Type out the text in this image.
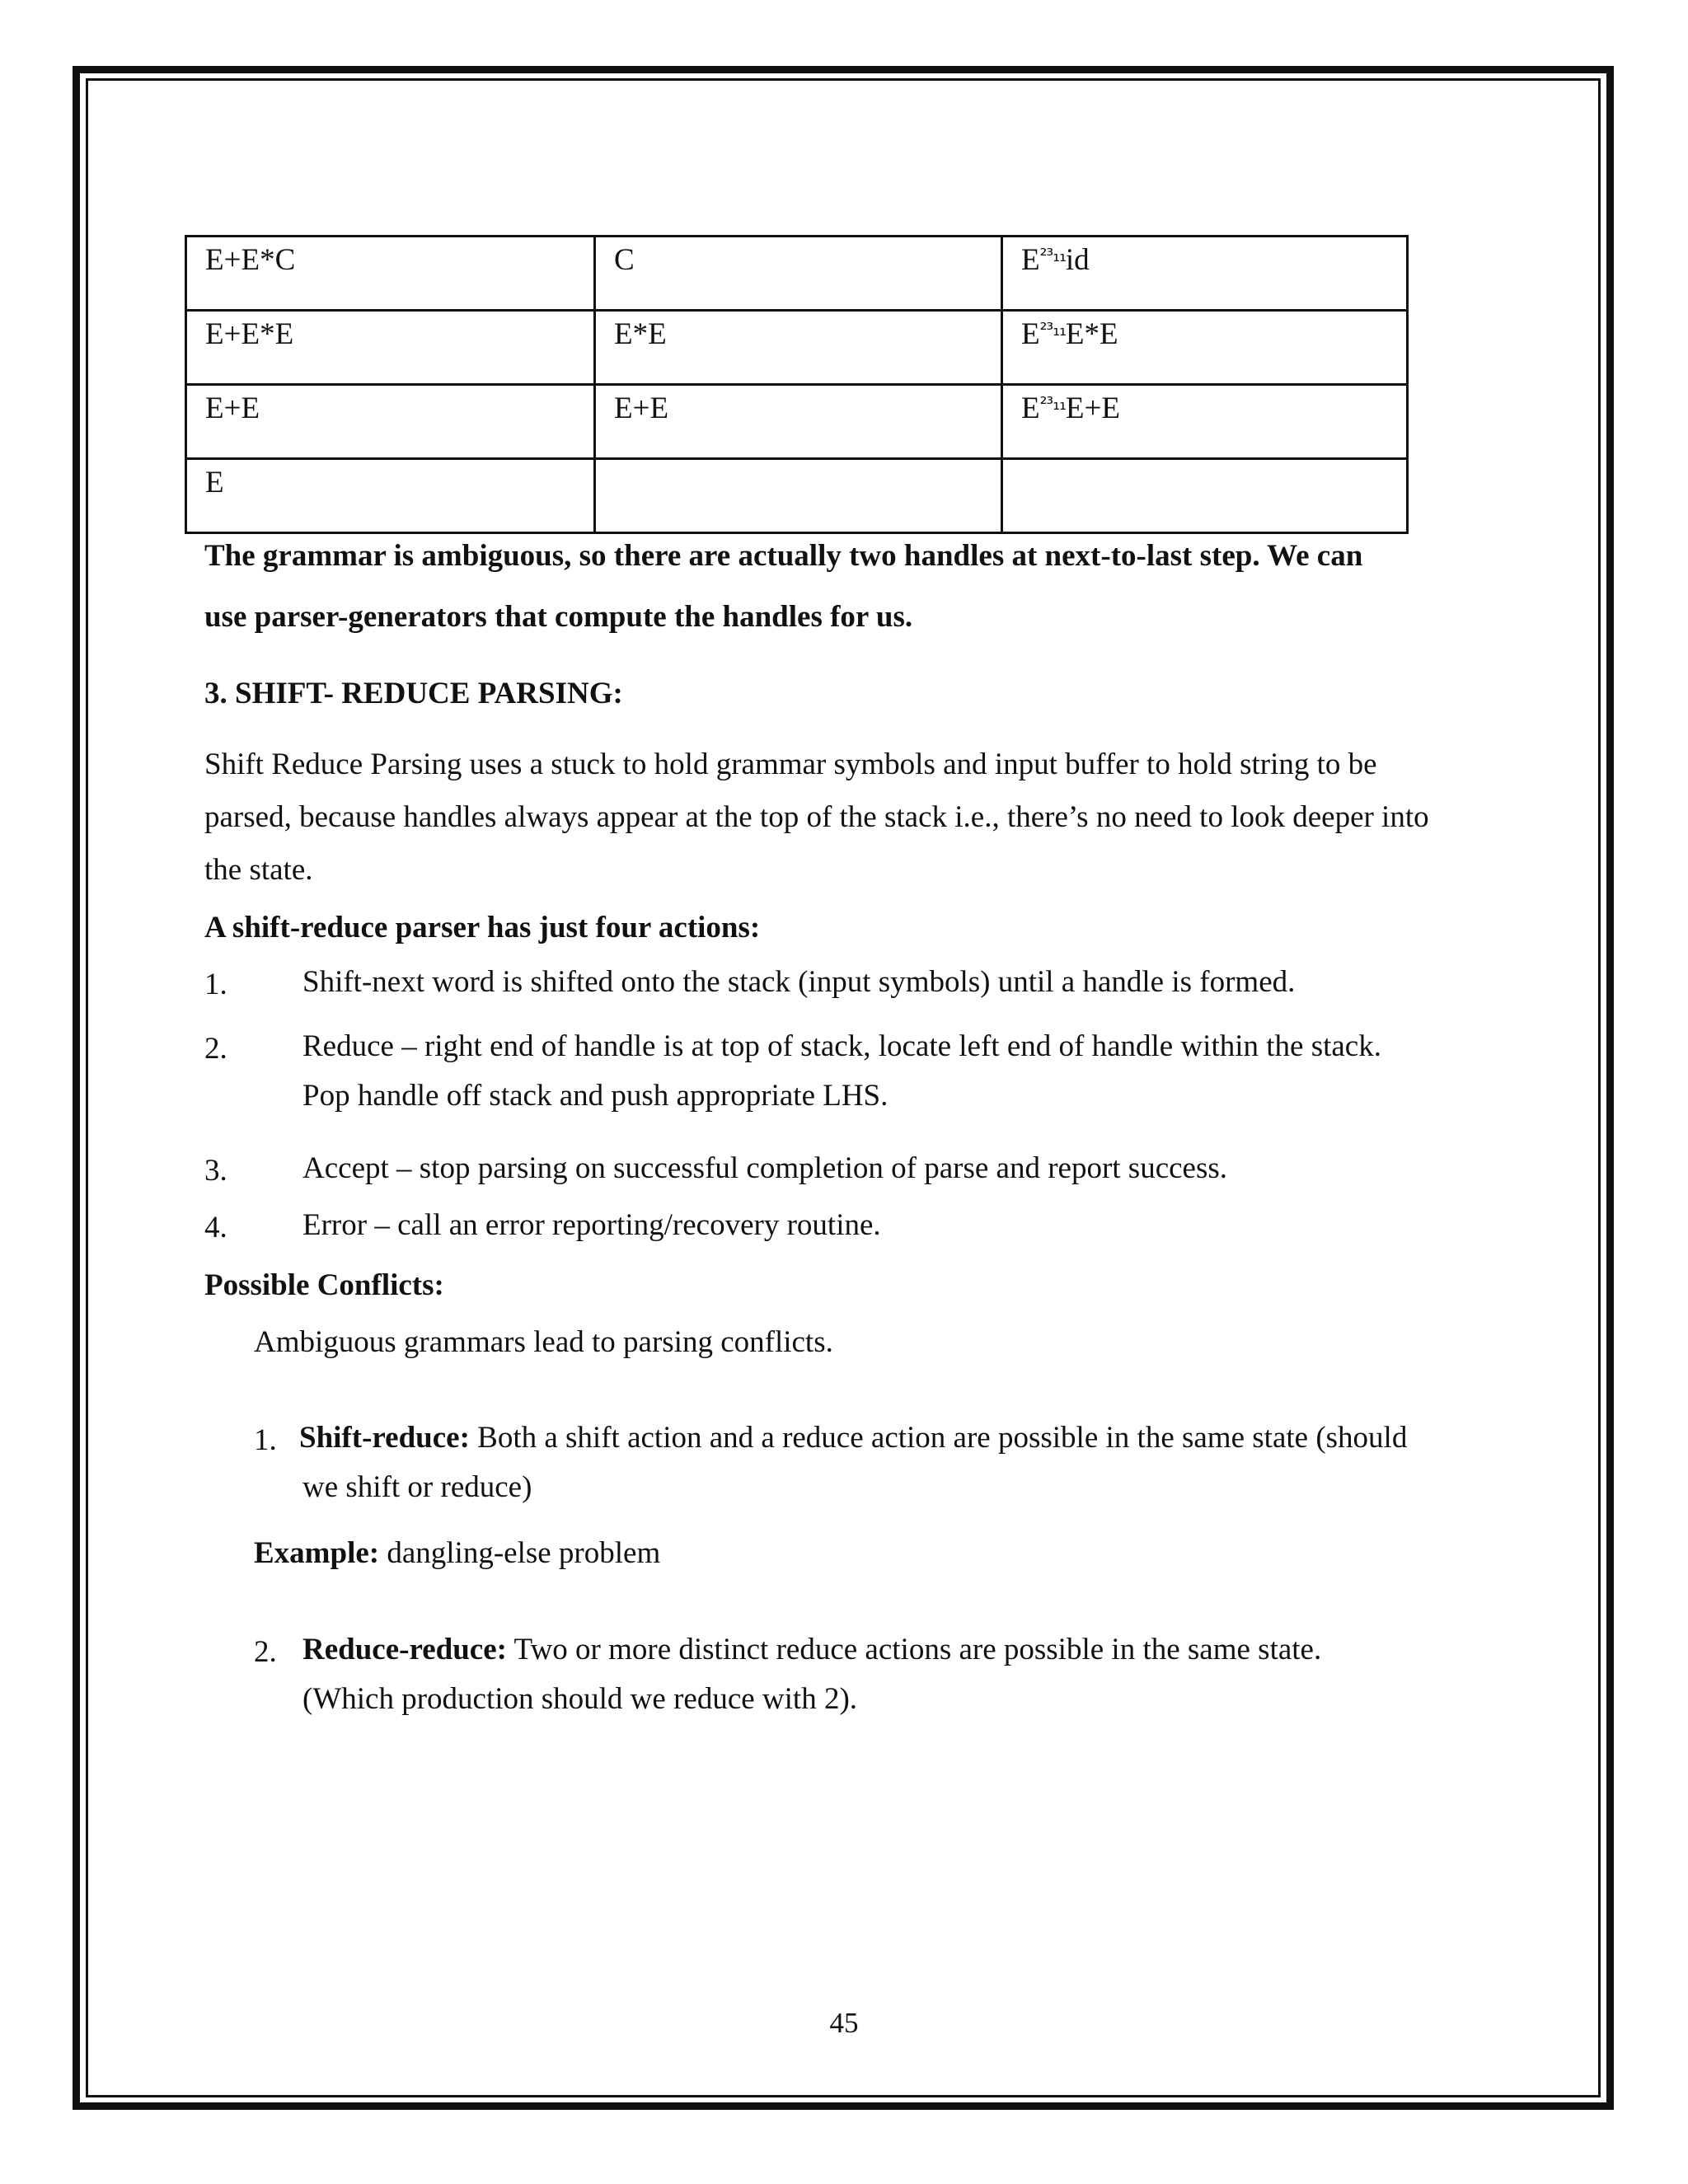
E+E*C	C	$E^{^{23}_{11}}id$
E+E*E	E*E	$E^{^{23}_{11}}E*E$
E+E	E+E	$E^{^{23}_{11}}E+E$
E		

The grammar is ambiguous, so there are actually two handles at next-to-last step. We can

use parser-generators that compute the handles for us.

3. SHIFT- REDUCE PARSING:

Shift Reduce Parsing uses a stuck to hold grammar symbols and input buffer to hold string to be

parsed, because handles always appear at the top of the stack i.e., there’s no need to look deeper into

the state.

A shift-reduce parser has just four actions:

1. Shift-next word is shifted onto the stack (input symbols) until a handle is formed.
2. Reduce – right end of handle is at top of stack, locate left end of handle within the stack.
Pop handle off stack and push appropriate LHS.
3. Accept – stop parsing on successful completion of parse and report success.
4. Error – call an error reporting/recovery routine.

Possible Conflicts:

Ambiguous grammars lead to parsing conflicts.

1. Shift-reduce: Both a shift action and a reduce action are possible in the same state (should
we shift or reduce)
Example: dangling-else problem
2. Reduce-reduce: Two or more distinct reduce actions are possible in the same state.
(Which production should we reduce with 2).
45
